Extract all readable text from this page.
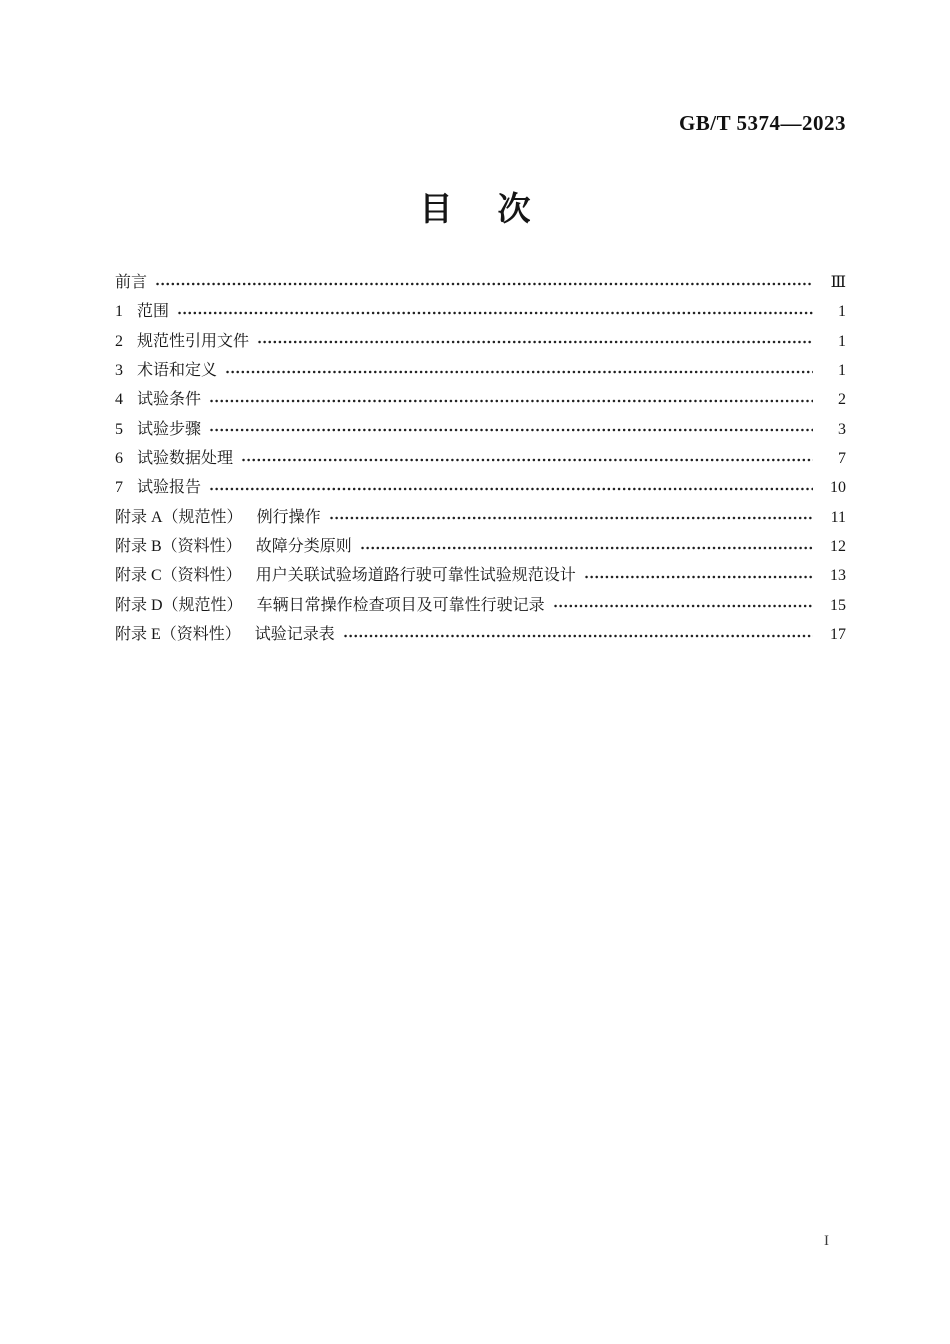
GB/T 5374—2023
目次
前言	Ⅲ
1 范围	1
2 规范性引用文件	1
3 术语和定义	1
4 试验条件	2
5 试验步骤	3
6 试验数据处理	7
7 试验报告	10
附录 A（规范性） 例行操作	11
附录 B（资料性） 故障分类原则	12
附录 C（资料性） 用户关联试验场道路行驶可靠性试验规范设计	13
附录 D（规范性） 车辆日常操作检查项目及可靠性行驶记录	15
附录 E（资料性） 试验记录表	17
I
